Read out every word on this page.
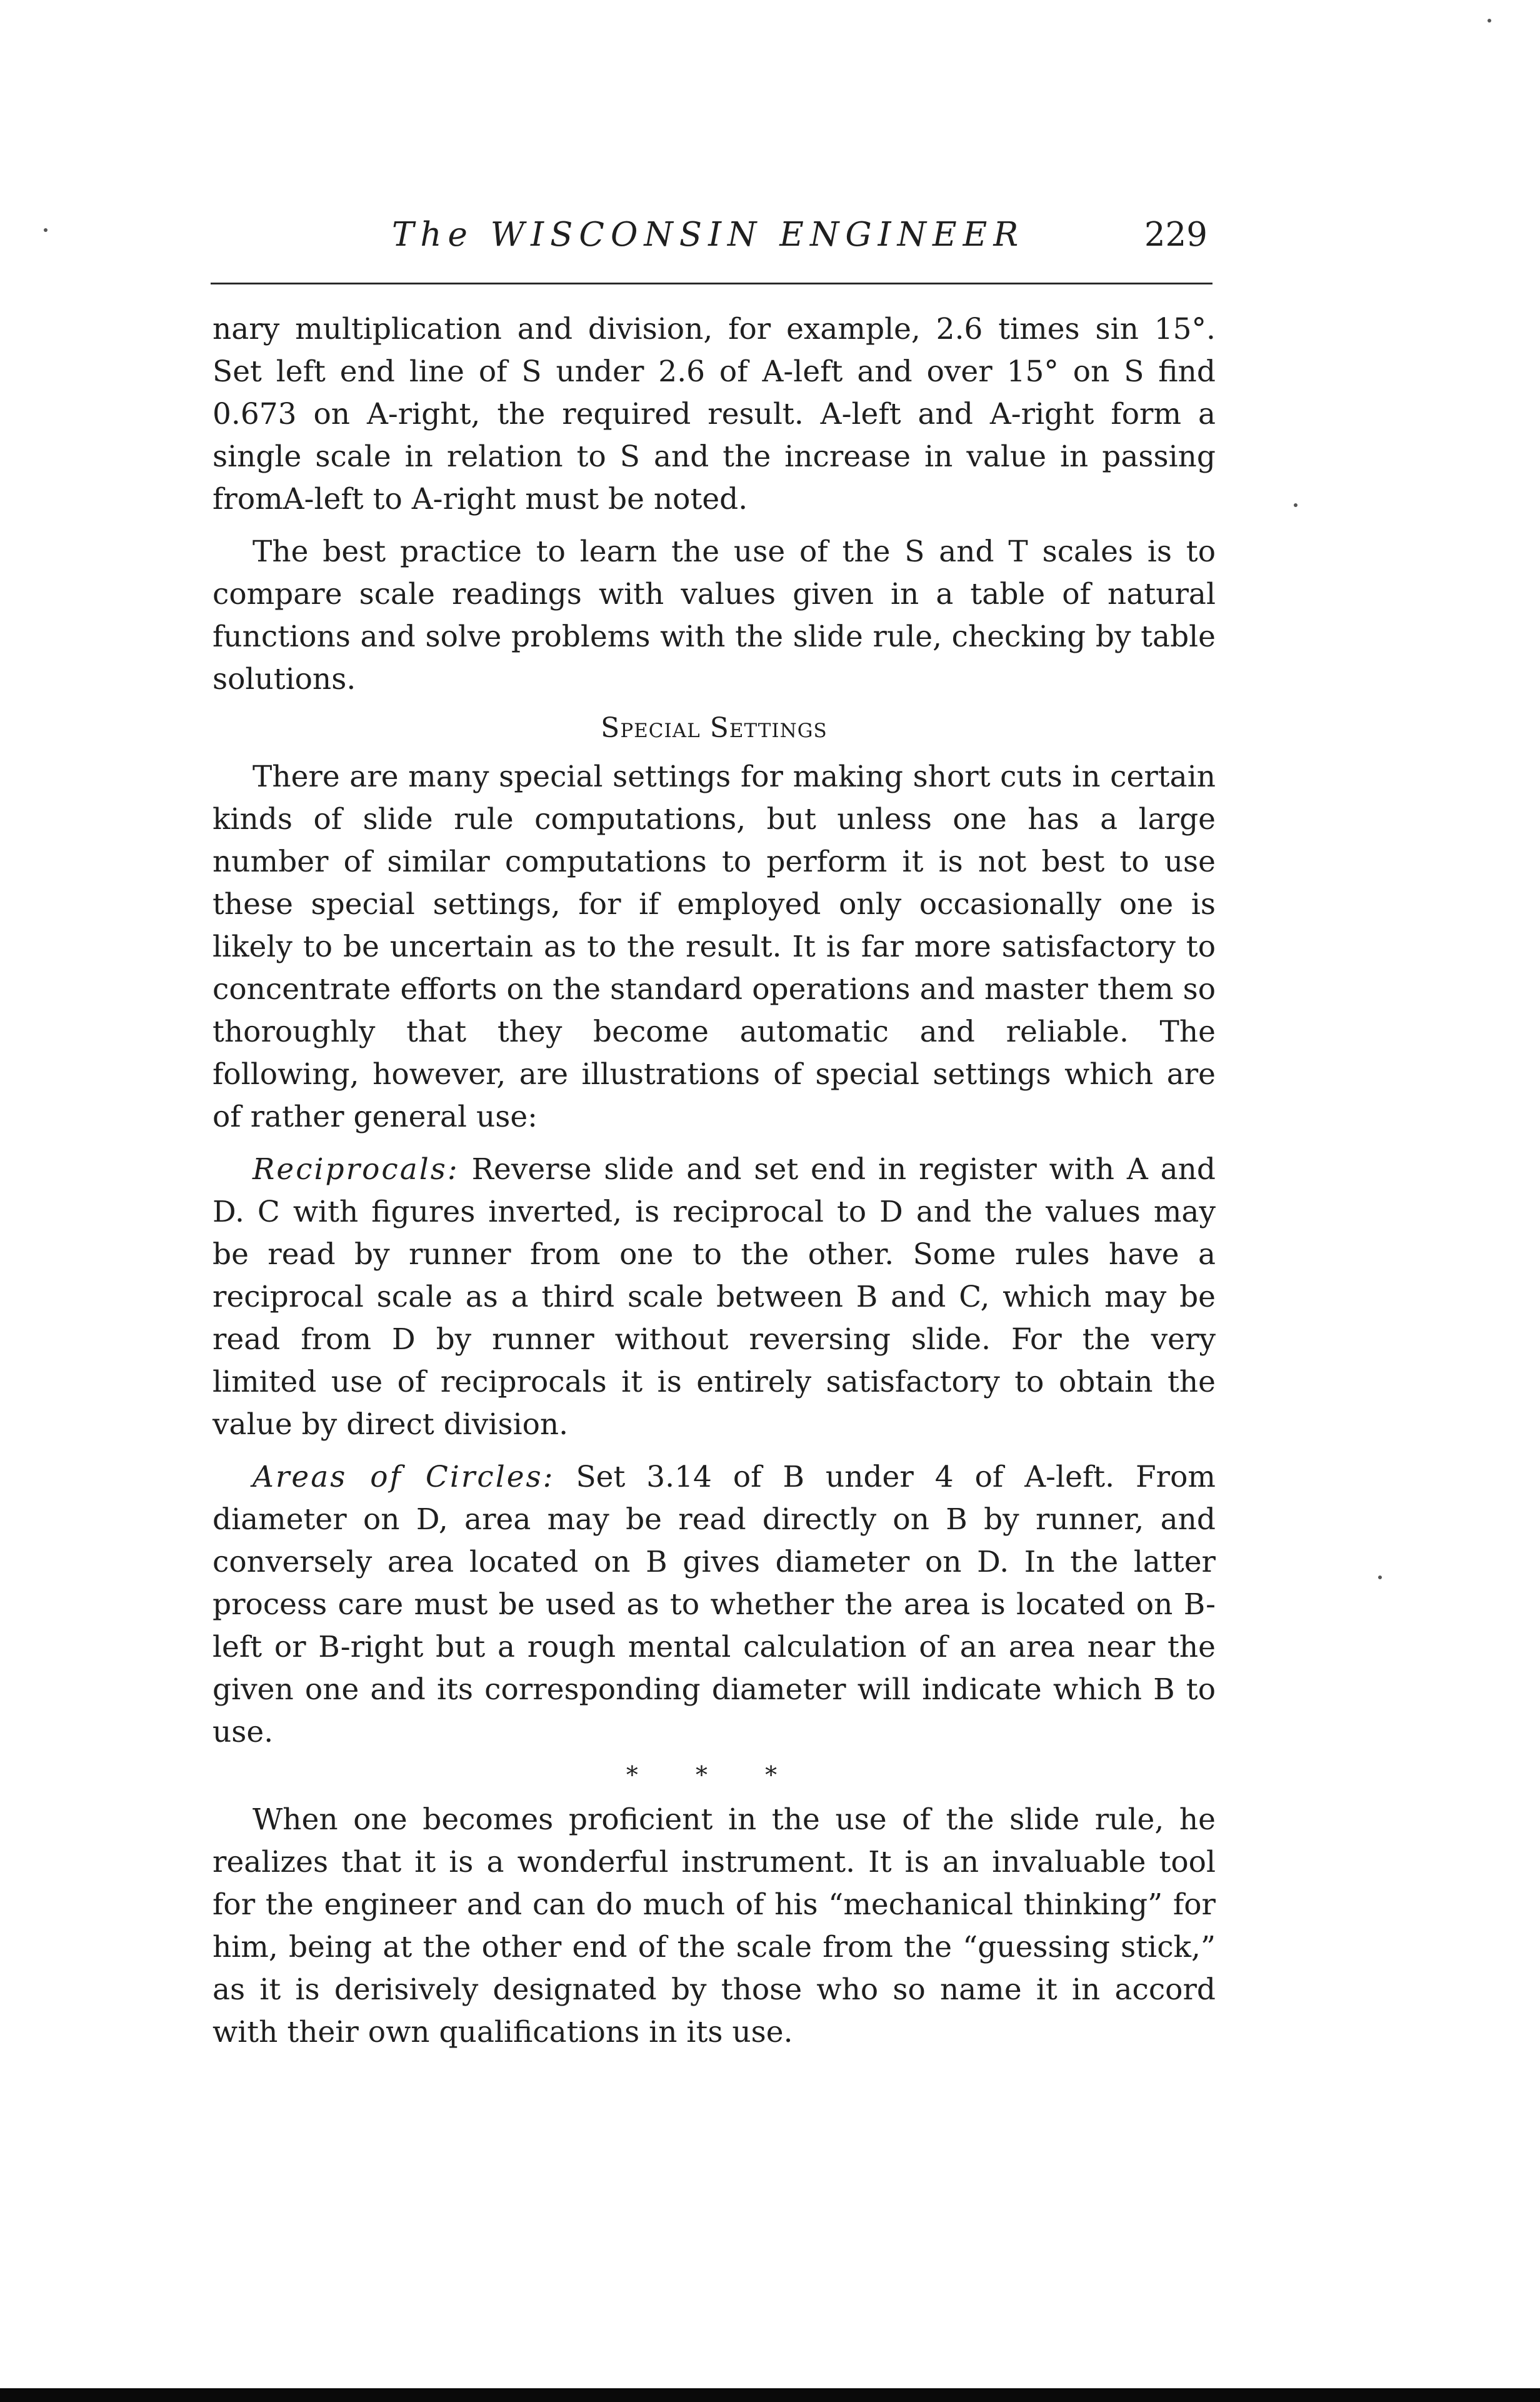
The WISCONSIN ENGINEER	229

nary multiplication and division, for example, 2.6 times sin 15°. Set left end line of S under 2.6 of A-left and over 15° on S find 0.673 on A-right, the required result. A-left and A-right form a single scale in relation to S and the increase in value in passing fromA-left to A-right must be noted.

The best practice to learn the use of the S and T scales is to compare scale readings with values given in a table of natural functions and solve problems with the slide rule, checking by table solutions.

Special Settings

There are many special settings for making short cuts in certain kinds of slide rule computations, but unless one has a large number of similar computations to perform it is not best to use these special settings, for if employed only occasionally one is likely to be uncertain as to the result. It is far more satisfactory to concentrate efforts on the standard operations and master them so thoroughly that they become automatic and reliable. The following, however, are illustrations of special settings which are of rather general use:

Reciprocals: Reverse slide and set end in register with A and D. C with figures inverted, is reciprocal to D and the values may be read by runner from one to the other. Some rules have a reciprocal scale as a third scale between B and C, which may be read from D by runner without reversing slide. For the very limited use of reciprocals it is entirely satisfactory to obtain the value by direct division.

Areas of Circles: Set 3.14 of B under 4 of A-left. From diameter on D, area may be read directly on B by runner, and conversely area located on B gives diameter on D. In the latter process care must be used as to whether the area is located on B-left or B-right but a rough mental calculation of an area near the given one and its corresponding diameter will indicate which B to use.

* * *

When one becomes proficient in the use of the slide rule, he realizes that it is a wonderful instrument. It is an invaluable tool for the engineer and can do much of his “mechanical thinking” for him, being at the other end of the scale from the “guessing stick,” as it is derisively designated by those who so name it in accord with their own qualifications in its use.
